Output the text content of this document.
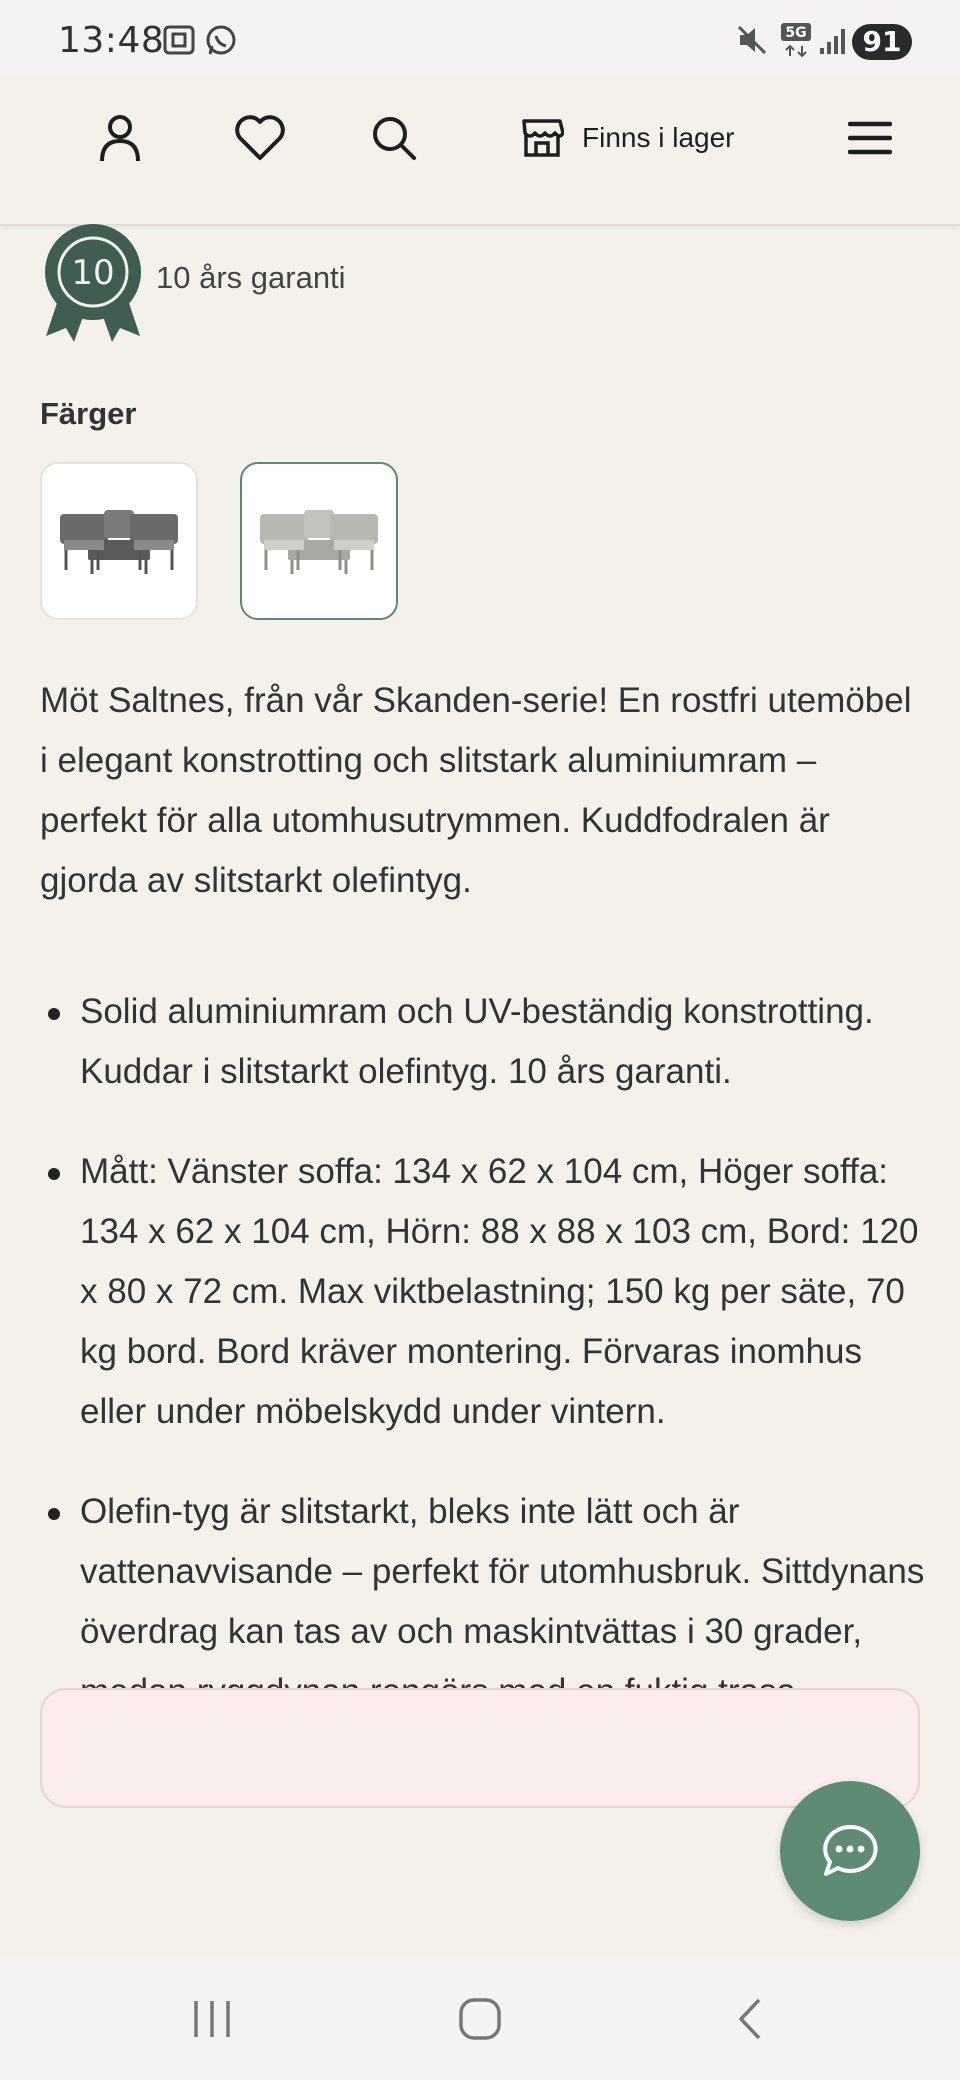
13:48	5G	91
Finns i lager
10 10 års garanti
Färger
Möt Saltnes, från vår Skanden-serie! En rostfri utemöbel i elegant konstrotting och slitstark aluminiumram – perfekt för alla utomhusutrymmen. Kuddfodralen är gjorda av slitstarkt olefintyg.
Solid aluminiumram och UV-beständig konstrotting. Kuddar i slitstarkt olefintyg. 10 års garanti.
Mått: Vänster soffa: 134 x 62 x 104 cm, Höger soffa: 134 x 62 x 104 cm, Hörn: 88 x 88 x 103 cm, Bord: 120 x 80 x 72 cm. Max viktbelastning; 150 kg per säte, 70 kg bord. Bord kräver montering. Förvaras inomhus eller under möbelskydd under vintern.
Olefin-tyg är slitstarkt, bleks inte lätt och är vattenavvisande – perfekt för utomhusbruk. Sittdynans överdrag kan tas av och maskintvättas i 30 grader,
